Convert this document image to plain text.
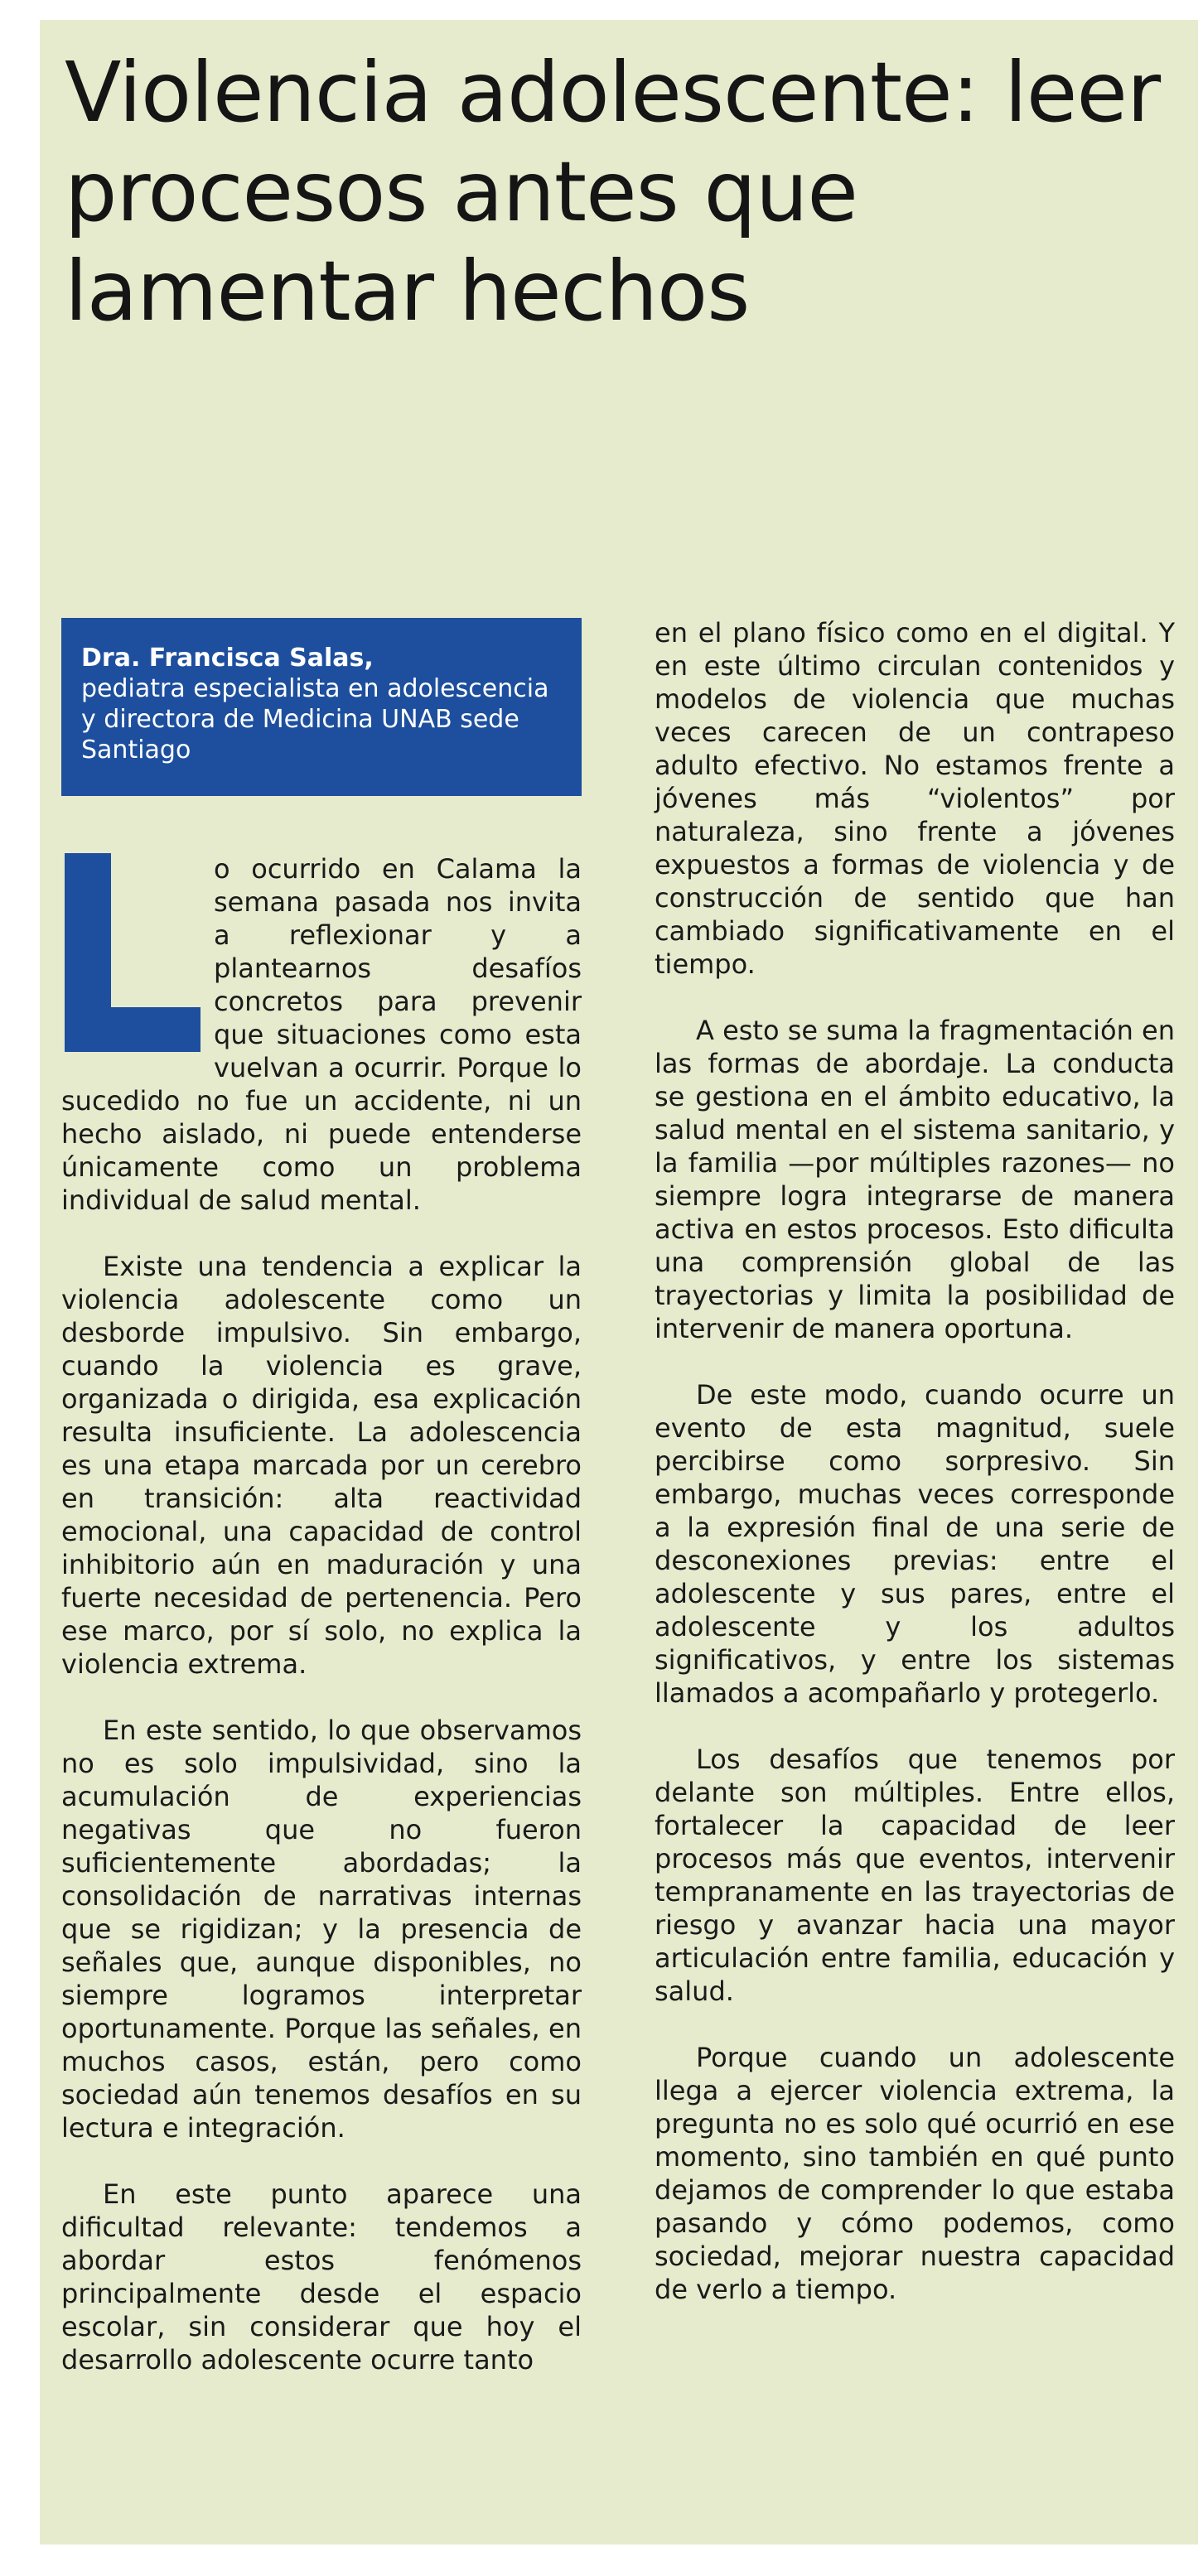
Violencia adolescente: leer procesos antes que lamentar hechos
Dra. Francisca Salas,
pediatra especialista en adolescencia y directora de Medicina UNAB sede Santiago

o ocurrido en Calama la semana pasada nos invita a reflexionar y a plantearnos desafíos concretos para prevenir que situaciones como esta vuelvan a ocurrir. Porque lo sucedido no fue un accidente, ni un hecho aislado, ni puede entenderse únicamente como un problema individual de salud mental.

Existe una tendencia a explicar la violencia adolescente como un desborde impulsivo. Sin embargo, cuando la violencia es grave, organizada o dirigida, esa explicación resulta insuficiente. La adolescencia es una etapa marcada por un cerebro en transición: alta reactividad emocional, una capacidad de control inhibitorio aún en maduración y una fuerte necesidad de pertenencia. Pero ese marco, por sí solo, no explica la violencia extrema.

En este sentido, lo que observamos no es solo impulsividad, sino la acumulación de experiencias negativas que no fueron suficientemente abordadas; la consolidación de narrativas internas que se rigidizan; y la presencia de señales que, aunque disponibles, no siempre logramos interpretar oportunamente. Porque las señales, en muchos casos, están, pero como sociedad aún tenemos desafíos en su lectura e integración.

En este punto aparece una dificultad relevante: tendemos a abordar estos fenómenos principalmente desde el espacio escolar, sin considerar que hoy el desarrollo adolescente ocurre tanto

en el plano físico como en el digital. Y en este último circulan contenidos y modelos de violencia que muchas veces carecen de un contrapeso adulto efectivo. No estamos frente a jóvenes más “violentos” por naturaleza, sino frente a jóvenes expuestos a formas de violencia y de construcción de sentido que han cambiado significativamente en el tiempo.

A esto se suma la fragmentación en las formas de abordaje. La conducta se gestiona en el ámbito educativo, la salud mental en el sistema sanitario, y la familia —por múltiples razones— no siempre logra integrarse de manera activa en estos procesos. Esto dificulta una comprensión global de las trayectorias y limita la posibilidad de intervenir de manera oportuna.

De este modo, cuando ocurre un evento de esta magnitud, suele percibirse como sorpresivo. Sin embargo, muchas veces corresponde a la expresión final de una serie de desconexiones previas: entre el adolescente y sus pares, entre el adolescente y los adultos significativos, y entre los sistemas llamados a acompañarlo y protegerlo.

Los desafíos que tenemos por delante son múltiples. Entre ellos, fortalecer la capacidad de leer procesos más que eventos, intervenir tempranamente en las trayectorias de riesgo y avanzar hacia una mayor articulación entre familia, educación y salud.

Porque cuando un adolescente llega a ejercer violencia extrema, la pregunta no es solo qué ocurrió en ese momento, sino también en qué punto dejamos de comprender lo que estaba pasando y cómo podemos, como sociedad, mejorar nuestra capacidad de verlo a tiempo.
